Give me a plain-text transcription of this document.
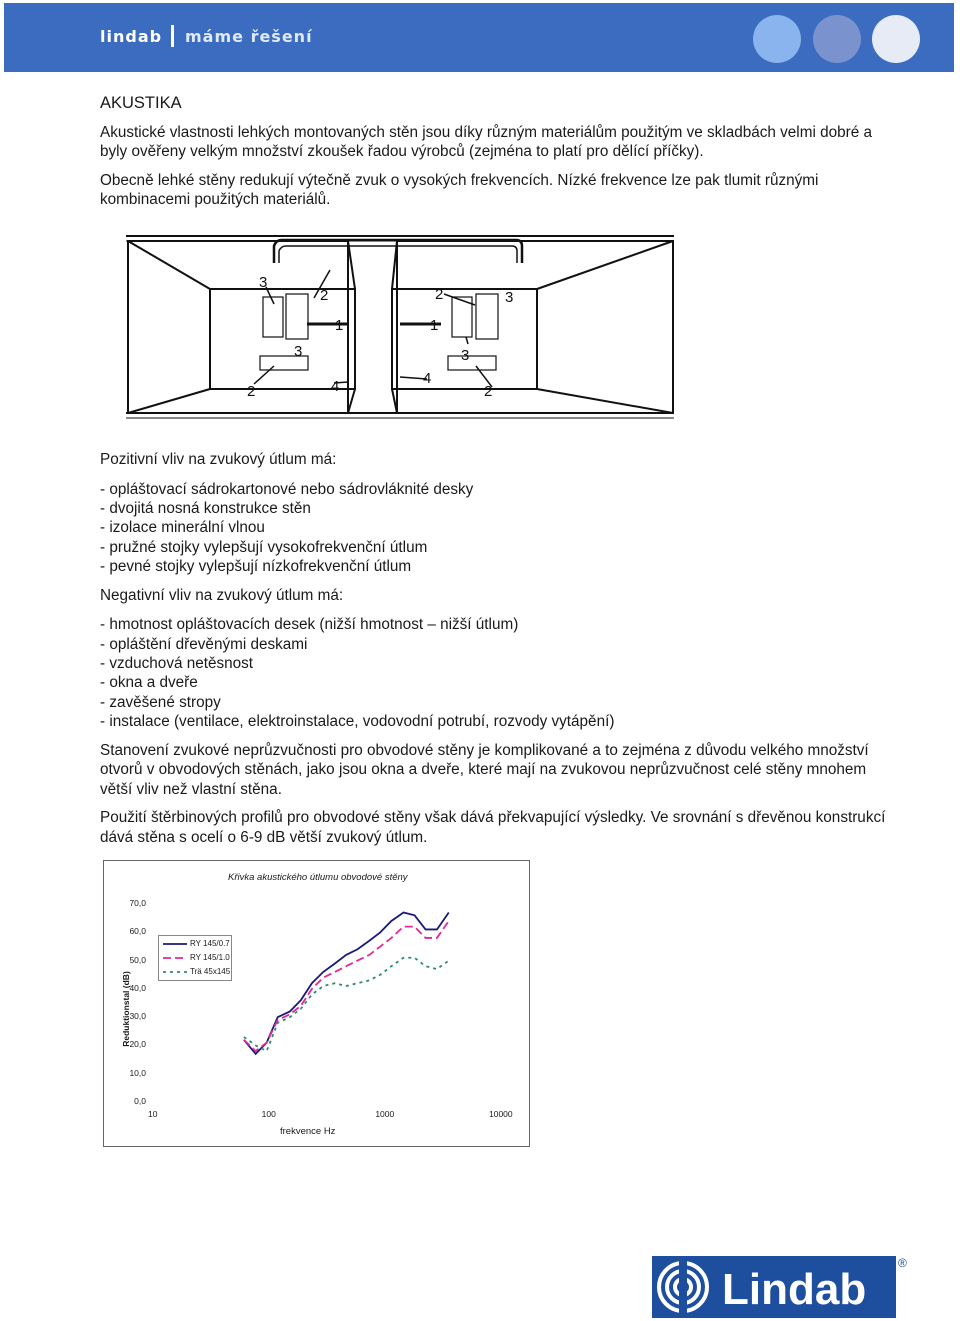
lindab máme řešení
AKUSTIKA

Akustické vlastnosti lehkých montovaných stěn jsou díky různým materiálům použitým ve skladbách velmi dobré a byly ověřeny velkým množství zkoušek řadou výrobců (zejména to platí pro dělící příčky).

Obecně lehké stěny redukují výtečně zvuk o vysokých frekvencích. Nízké frekvence lze pak tlumit různými kombinacemi použitých materiálů.

3
2
1
3
2	4
2	3
1
3
4
2

Pozitivní vliv na zvukový útlum má:

- opláštovací sádrokartonové nebo sádrovláknité desky
- dvojitá nosná konstrukce stěn
- izolace minerální vlnou
- pružné stojky vylepšují vysokofrekvenční útlum
- pevné stojky vylepšují nízkofrekvenční útlum

Negativní vliv na zvukový útlum má:

- hmotnost opláštovacích desek (nižší hmotnost – nižší útlum)
- opláštění dřevěnými deskami
- vzduchová netěsnost
- okna a dveře
- zavěšené stropy
- instalace (ventilace, elektroinstalace, vodovodní potrubí, rozvody vytápění)

Stanovení zvukové neprůzvučnosti pro obvodové stěny je komplikované a to zejména z důvodu velkého množství otvorů v obvodových stěnách, jako jsou okna a dveře, které mají na zvukovou neprůzvučnost celé stěny mnohem větší vliv než vlastní stěna.

Použití štěrbinových profilů pro obvodové stěny však dává překvapující výsledky. Ve srovnání s dřevěnou konstrukcí dává stěna s ocelí o 6-9 dB větší zvukový útlum.

Křivka akustického útlumu obvodové stěny
Reduktionstal (dB)
0,0
10,0
20,0
30,0
40,0
50,0
60,0
70,0
10	100	1000	10000
frekvence Hz
RY 145/0.7
RY 145/1.0
Trä 45x145
Lindab
®
